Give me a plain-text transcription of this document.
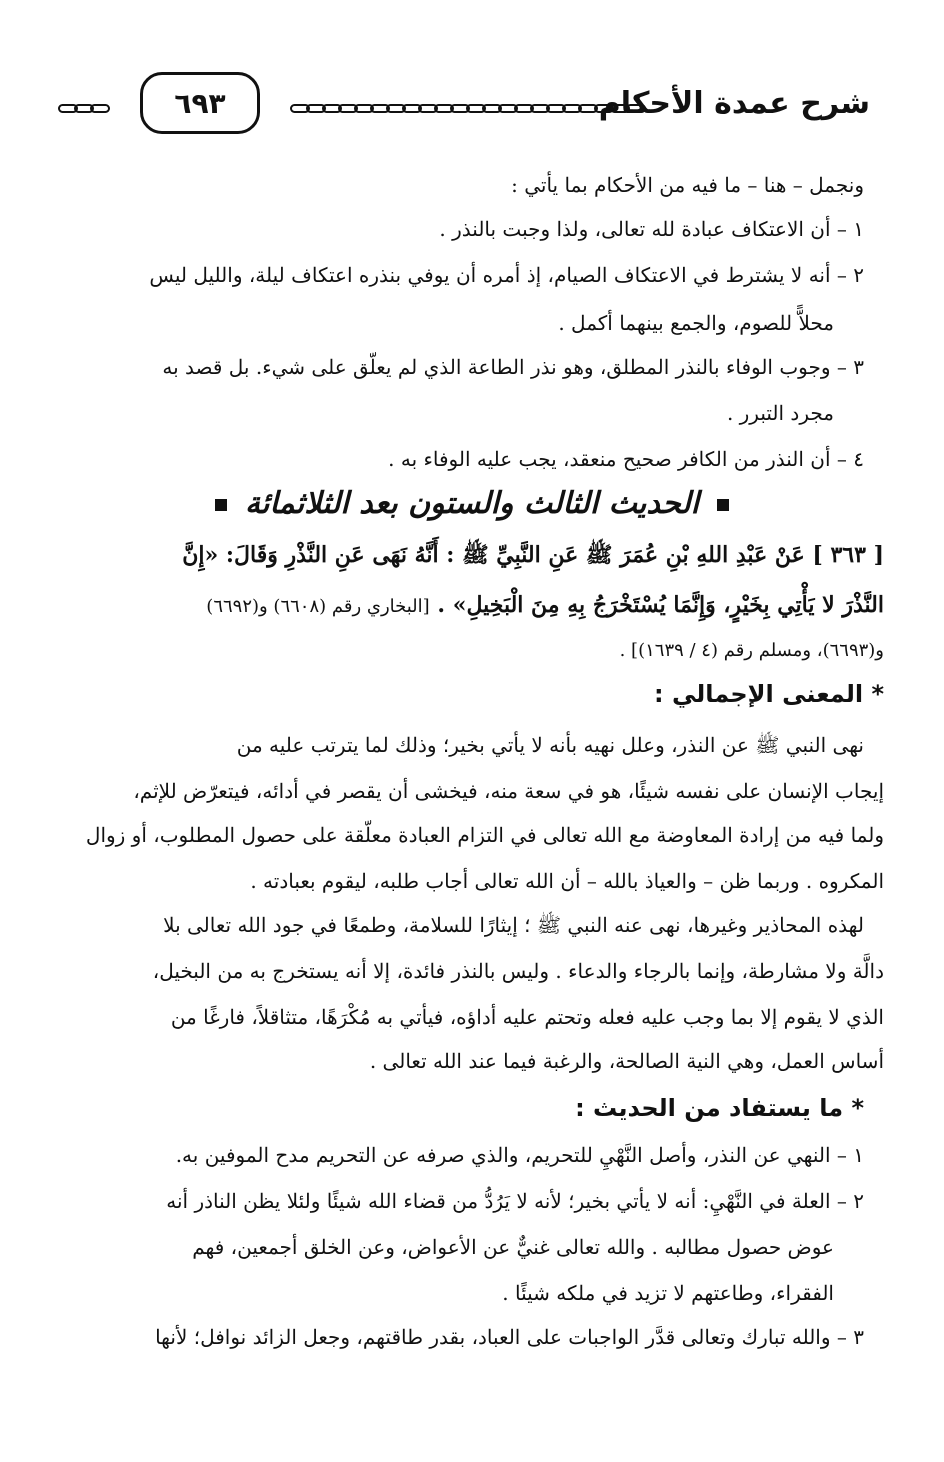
شرح عمدة الأحكام
٦٩٣
ونجمل – هنا – ما فيه من الأحكام بما يأتي :
١ – أن الاعتكاف عبادة لله تعالى، ولذا وجبت بالنذر .
٢ – أنه لا يشترط في الاعتكاف الصيام، إذ أمره أن يوفي بنذره اعتكاف ليلة، والليل ليس
محلاًّ للصوم، والجمع بينهما أكمل .
٣ – وجوب الوفاء بالنذر المطلق، وهو نذر الطاعة الذي لم يعلّق على شيء. بل قصد به
مجرد التبرر .
٤ – أن النذر من الكافر صحيح منعقد، يجب عليه الوفاء به .
الحديث الثالث والستون بعد الثلاثمائة
[ ٣٦٣ ] عَنْ عَبْدِ اللهِ بْنِ عُمَرَ ﷺ عَنِ النَّبِيِّ ﷺ : أَنَّهُ نَهَى عَنِ النَّذْرِ وَقَالَ: «إِنَّ
النَّذْرَ لا يَأْتِي بِخَيْرٍ، وَإِنَّمَا يُسْتَخْرَجُ بِهِ مِنَ الْبَخِيلِ» . [البخاري رقم (٦٦٠٨) و(٦٦٩٢)
و(٦٦٩٣)، ومسلم رقم (٤ / ١٦٣٩)] .
* المعنى الإجمالي :
نهى النبي ﷺ عن النذر، وعلل نهيه بأنه لا يأتي بخير؛ وذلك لما يترتب عليه من
إيجاب الإنسان على نفسه شيئًا، هو في سعة منه، فيخشى أن يقصر في أدائه، فيتعرّض للإثم،
ولما فيه من إرادة المعاوضة مع الله تعالى في التزام العبادة معلّقة على حصول المطلوب، أو زوال
المكروه . وربما ظن – والعياذ بالله – أن الله تعالى أجاب طلبه، ليقوم بعبادته .
لهذه المحاذير وغيرها، نهى عنه النبي ﷺ ؛ إيثارًا للسلامة، وطمعًا في جود الله تعالى بلا
دالَّة ولا مشارطة، وإنما بالرجاء والدعاء . وليس بالنذر فائدة، إلا أنه يستخرج به من البخيل،
الذي لا يقوم إلا بما وجب عليه فعله وتحتم عليه أداؤه، فيأتي به مُكْرَهًا، متثاقلاً، فارغًا من
أساس العمل، وهي النية الصالحة، والرغبة فيما عند الله تعالى .
* ما يستفاد من الحديث :
١ – النهي عن النذر، وأصل النَّهْيِ للتحريم، والذي صرفه عن التحريم مدح الموفين به.
٢ – العلة في النَّهْيِ: أنه لا يأتي بخير؛ لأنه لا يَرُدُّ من قضاء الله شيئًا ولئلا يظن الناذر أنه
عوض حصول مطالبه . والله تعالى غنيٌّ عن الأعواض، وعن الخلق أجمعين، فهم
الفقراء، وطاعتهم لا تزيد في ملكه شيئًا .
٣ – والله تبارك وتعالى قدَّر الواجبات على العباد، بقدر طاقتهم، وجعل الزائد نوافل؛ لأنها
